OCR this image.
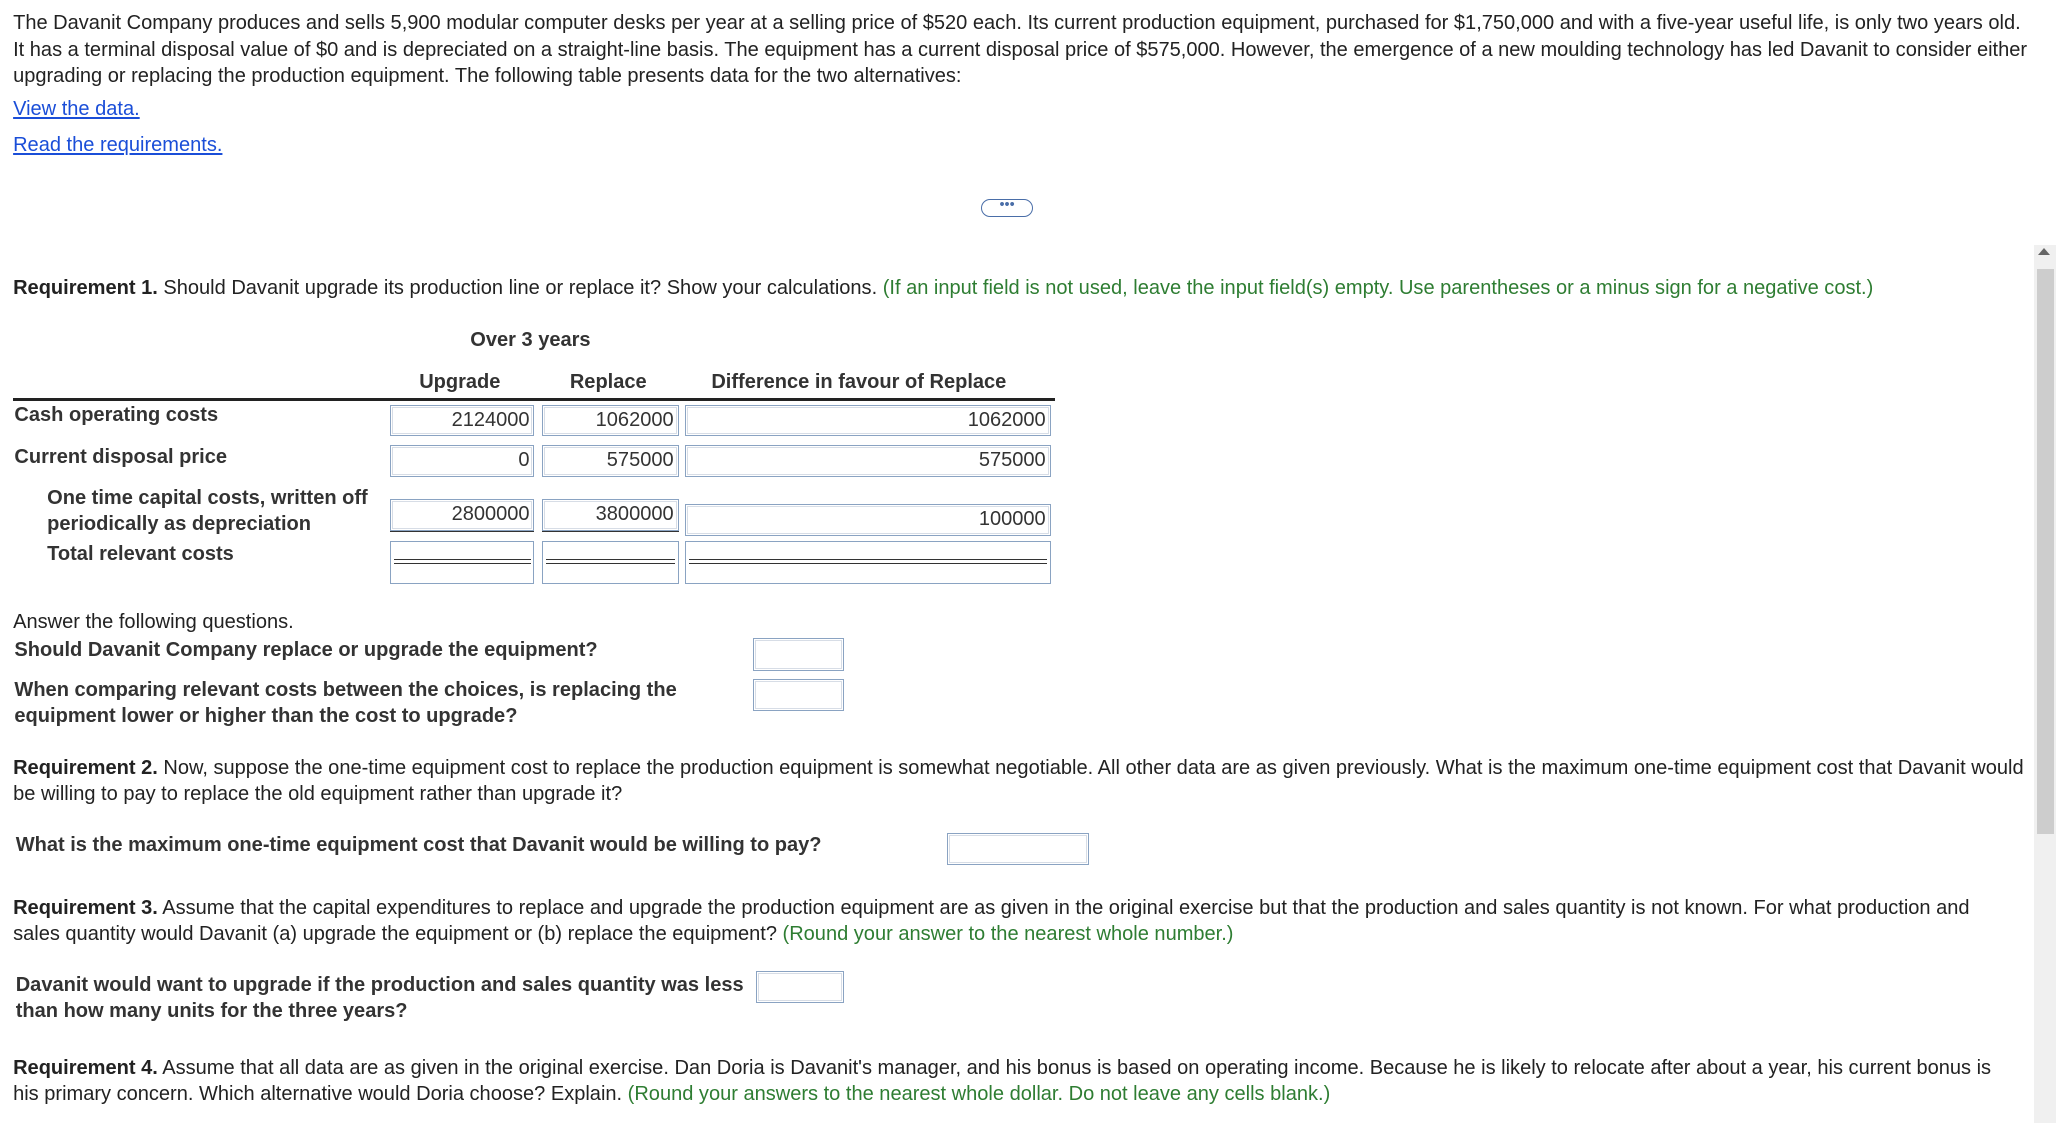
The Davanit Company produces and sells 5,900 modular computer desks per year at a selling price of $520 each. Its current production equipment, purchased for $1,750,000 and with a five-year useful life, is only two years old. It has a terminal disposal value of $0 and is depreciated on a straight-line basis. The equipment has a current disposal price of $575,000. However, the emergence of a new moulding technology has led Davanit to consider either upgrading or replacing the production equipment. The following table presents data for the two alternatives:
View the data.
Read the requirements.
•••
Requirement 1. Should Davanit upgrade its production line or replace it? Show your calculations. (If an input field is not used, leave the input field(s) empty. Use parentheses or a minus sign for a negative cost.)
Over 3 years
Upgrade	Replace	Difference in favour of Replace
Cash operating costs	2124000	1062000	1062000
Current disposal price	0	575000	575000
One time capital costs, written off periodically as depreciation	2800000	3800000	100000
Total relevant costs
Answer the following questions.
Should Davanit Company replace or upgrade the equipment?
When comparing relevant costs between the choices, is replacing the equipment lower or higher than the cost to upgrade?
Requirement 2. Now, suppose the one-time equipment cost to replace the production equipment is somewhat negotiable. All other data are as given previously. What is the maximum one-time equipment cost that Davanit would be willing to pay to replace the old equipment rather than upgrade it?
What is the maximum one-time equipment cost that Davanit would be willing to pay?
Requirement 3. Assume that the capital expenditures to replace and upgrade the production equipment are as given in the original exercise but that the production and sales quantity is not known. For what production and sales quantity would Davanit (a) upgrade the equipment or (b) replace the equipment? (Round your answer to the nearest whole number.)
Davanit would want to upgrade if the production and sales quantity was less than how many units for the three years?
Requirement 4. Assume that all data are as given in the original exercise. Dan Doria is Davanit's manager, and his bonus is based on operating income. Because he is likely to relocate after about a year, his current bonus is his primary concern. Which alternative would Doria choose? Explain. (Round your answers to the nearest whole dollar. Do not leave any cells blank.)
